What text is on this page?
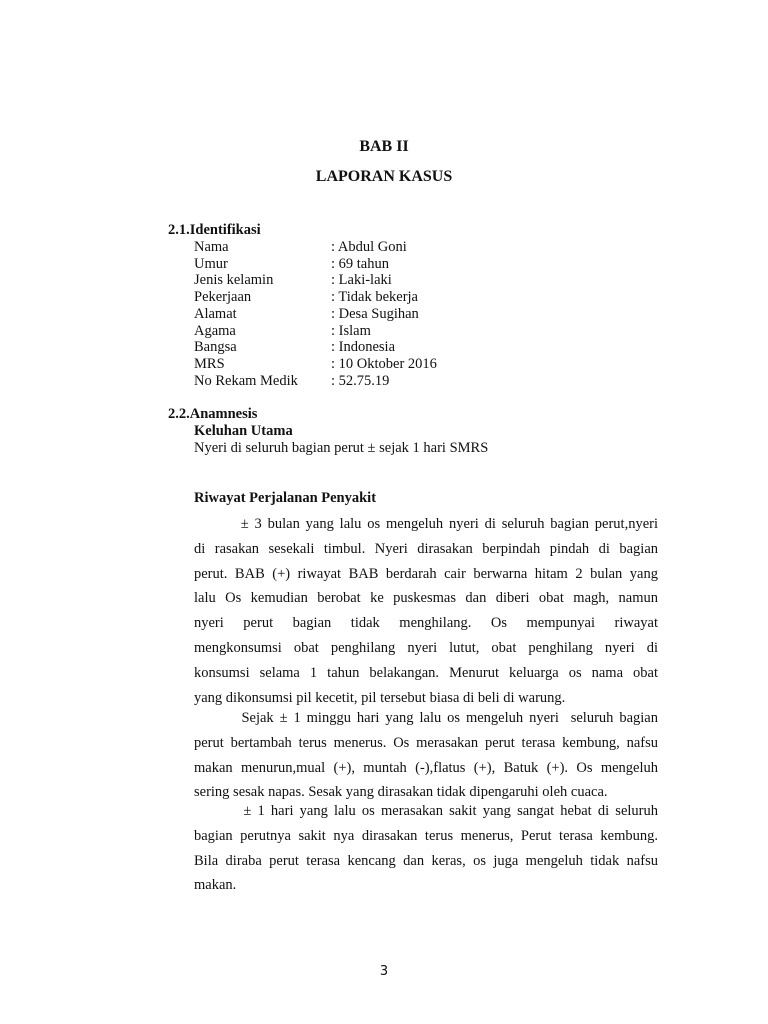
BAB II

LAPORAN KASUS

2.1.Identifikasi

Nama	: Abdul Goni
Umur	: 69 tahun
Jenis kelamin	: Laki-laki
Pekerjaan	: Tidak bekerja
Alamat	: Desa Sugihan
Agama	: Islam
Bangsa	: Indonesia
MRS	: 10 Oktober 2016
No Rekam Medik : 52.75.19

2.2.Anamnesis

Keluhan Utama

Nyeri di seluruh bagian perut ± sejak 1 hari SMRS

Riwayat Perjalanan Penyakit

± 3 bulan yang lalu os mengeluh nyeri di seluruh bagian perut,nyeri
di rasakan sesekali timbul. Nyeri dirasakan berpindah pindah di bagian
perut. BAB (+) riwayat BAB berdarah cair berwarna hitam 2 bulan yang
lalu Os kemudian berobat ke puskesmas dan diberi obat magh, namun
nyeri perut bagian tidak menghilang. Os mempunyai riwayat
mengkonsumsi obat penghilang nyeri lutut, obat penghilang nyeri di
konsumsi selama 1 tahun belakangan. Menurut keluarga os nama obat
yang dikonsumsi pil kecetit, pil tersebut biasa di beli di warung.
Sejak ± 1 minggu hari yang lalu os mengeluh nyeri  seluruh bagian
perut bertambah terus menerus. Os merasakan perut terasa kembung, nafsu
makan menurun,mual (+), muntah (-),flatus (+), Batuk (+). Os mengeluh
sering sesak napas. Sesak yang dirasakan tidak dipengaruhi oleh cuaca.
± 1 hari yang lalu os merasakan sakit yang sangat hebat di seluruh
bagian perutnya sakit nya dirasakan terus menerus, Perut terasa kembung.
Bila diraba perut terasa kencang dan keras, os juga mengeluh tidak nafsu
makan.

3
